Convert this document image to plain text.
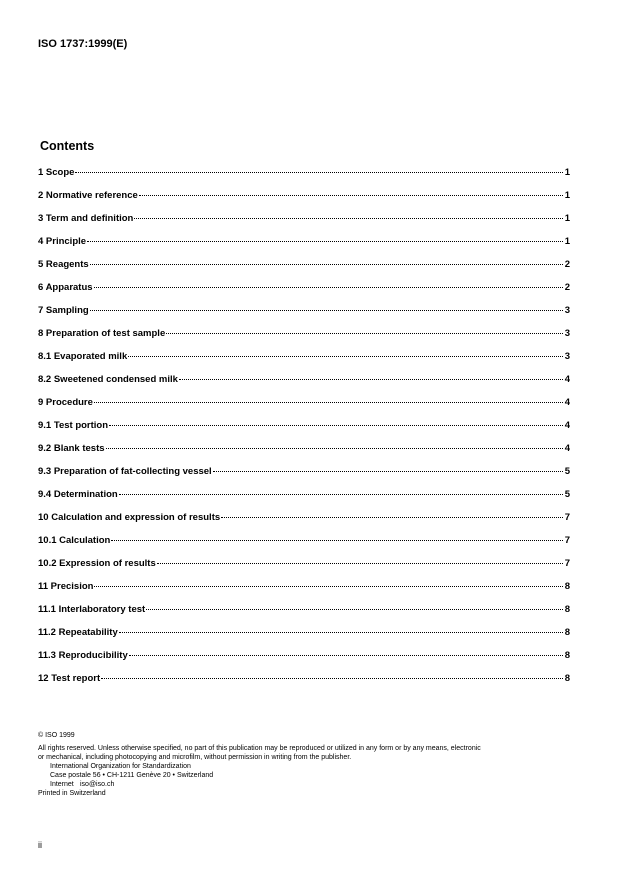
ISO 1737:1999(E)
Contents
1 Scope	1
2 Normative reference	1
3 Term and definition	1
4 Principle	1
5 Reagents	2
6 Apparatus	2
7 Sampling	3
8 Preparation of test sample	3
8.1 Evaporated milk	3
8.2 Sweetened condensed milk	4
9 Procedure	4
9.1 Test portion	4
9.2 Blank tests	4
9.3 Preparation of fat-collecting vessel	5
9.4 Determination	5
10 Calculation and expression of results	7
10.1 Calculation	7
10.2 Expression of results	7
11 Precision	8
11.1 Interlaboratory test	8
11.2 Repeatability	8
11.3 Reproducibility	8
12 Test report	8

© ISO 1999

All rights reserved. Unless otherwise specified, no part of this publication may be reproduced or utilized in any form or by any means, electronic

or mechanical, including photocopying and microfilm, without permission in writing from the publisher.

International Organization for Standardization

Case postale 56 • CH-1211 Genève 20 • Switzerland

Internet iso@iso.ch

Printed in Switzerland

ii
